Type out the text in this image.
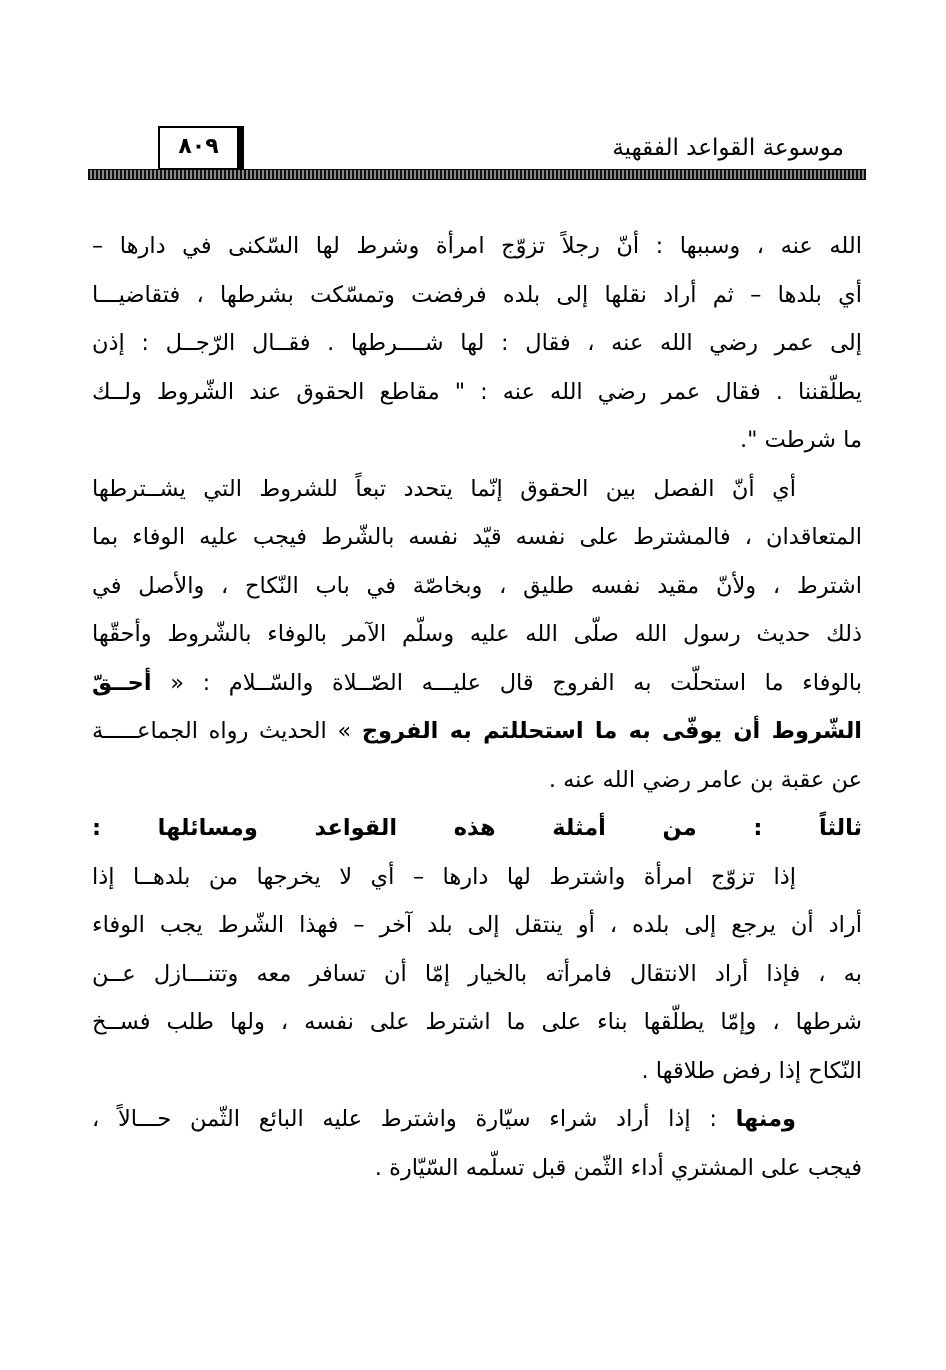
موسوعة القواعد الفقهية
٨٠٩
الله عنه ، وسببها : أنّ رجلاً تزوّج امرأة وشرط لها السّكنى في دارها –
أي بلدها – ثم أراد نقلها إلى بلده فرفضت وتمسّكت بشرطها ، فتقاضيـــا
إلى عمر رضي الله عنه ، فقال : لها شــــرطها . فقــال الرّجــل : إذن
يطلّقننا . فقال عمر رضي الله عنه : " مقاطع الحقوق عند الشّروط ولــك
ما شرطت ".
أي أنّ الفصل بين الحقوق إنّما يتحدد تبعاً للشروط التي يشــترطها
المتعاقدان ، فالمشترط على نفسه قيّد نفسه بالشّرط فيجب عليه الوفاء بما
اشترط ، ولأنّ مقيد نفسه طليق ، وبخاصّة في باب النّكاح ، والأصل في
ذلك حديث رسول الله صلّى الله عليه وسلّم الآمر بالوفاء بالشّروط وأحقّها
بالوفاء ما استحلّت به الفروج قال عليـــه الصّــلاة والسّــلام : « أحــقّ
الشّروط أن يوفّى به ما استحللتم به الفروج » الحديث رواه الجماعـــــة
عن عقبة بن عامر رضي الله عنه .
ثالثاً : من أمثلة هذه القواعد ومسائلها :
إذا تزوّج امرأة واشترط لها دارها – أي لا يخرجها من بلدهــا إذا
أراد أن يرجع إلى بلده ، أو ينتقل إلى بلد آخر – فهذا الشّرط يجب الوفاء
به ، فإذا أراد الانتقال فامرأته بالخيار إمّا أن تسافر معه وتتنـــازل عــن
شرطها ، وإمّا يطلّقها بناء على ما اشترط على نفسه ، ولها طلب فســخ
النّكاح إذا رفض طلاقها .
ومنها : إذا أراد شراء سيّارة واشترط عليه البائع الثّمن حـــالاً ،
فيجب على المشتري أداء الثّمن قبل تسلّمه السّيّارة .
